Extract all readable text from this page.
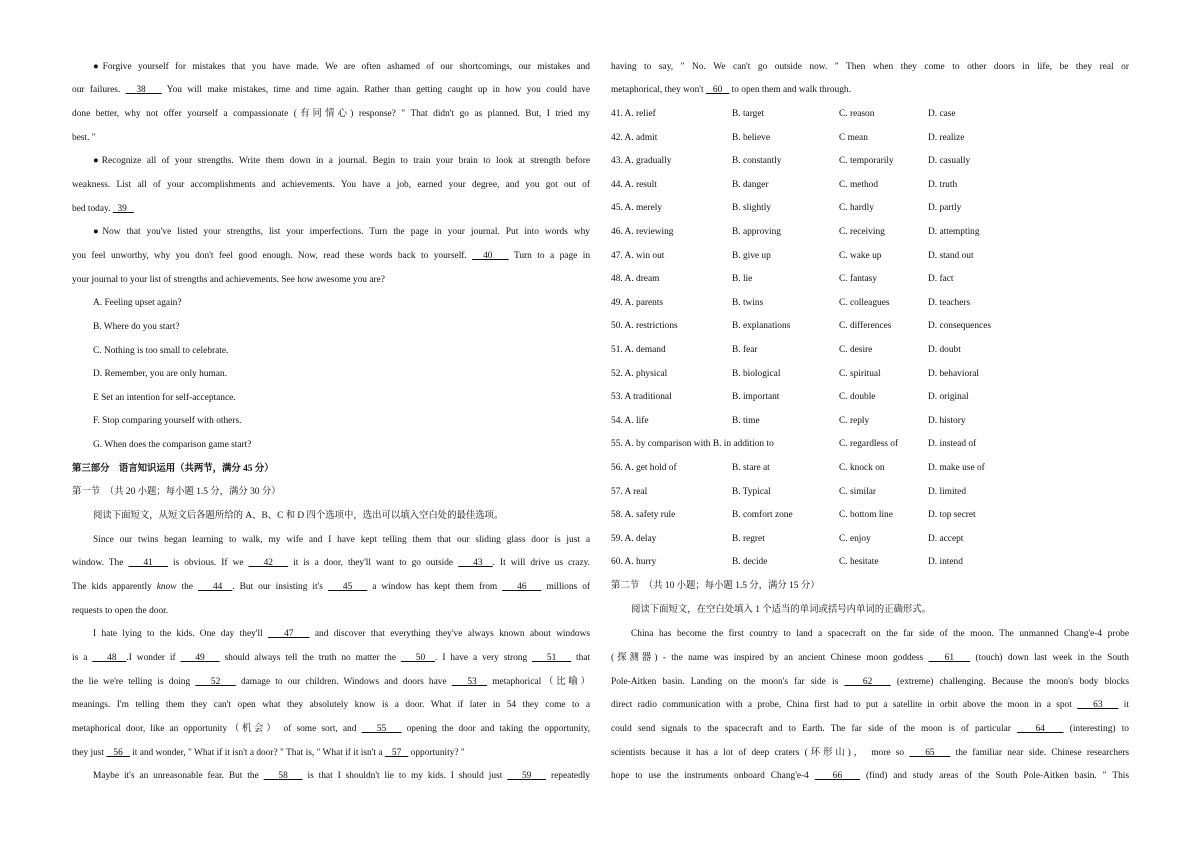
●Forgive yourself for mistakes that you have made. We are often ashamed of our shortcomings, our mistakes and
our failures.   38    You will make mistakes, time and time again. Rather than getting caught up in how you could have
done better, why not offer yourself a compassionate (有同情心) response? " That didn't go as planned. But, I tried my
best. "
●Recognize all of your strengths. Write them down in a journal. Begin to train your brain to look at strength before
weakness. List all of your accomplishments and achievements. You have a job, earned your degree, and you got out of
bed today.   39
●Now that you've listed your strengths, list your imperfections. Turn the page in your journal. Put into words why
you feel unworthy, why you don't feel good enough. Now, read these words back to yourself.   40    Turn to a page in
your journal to your list of strengths and achievements. See how awesome you are?
A. Feeling upset again?
B. Where do you start?
C. Nothing is too small to celebrate.
D. Remember, you are only human.
E Set an intention for self-acceptance.
F. Stop comparing yourself with others.
G. When does the comparison game start?
第三部分　语言知识运用（共两节，满分 45 分）
第一节　（共 20 小题；每小题 1.5 分，满分 30 分）
阅读下面短文，从短文后各题所给的 A、B、C 和 D 四个选项中，选出可以填入空白处的最佳选项。
Since our twins began learning to walk, my wife and I have kept telling them that our sliding glass door is just a
window. The    41    is obvious. If we    42    it is a door, they'll want to go outside    43 . It will drive us crazy.
The kids apparently know the    44 . But our insisting it's    45    a window has kept them from    46    millions of
requests to open the door.
I hate lying to the kids. One day they'll    47    and discover that everything they've always known about windows
is a    48 .I wonder if    49    should always tell the truth no matter the    50 . I have a very strong    51    that
the lie we're telling is doing    52    damage to our children. Windows and doors have    53   metaphorical（比喻）
meanings. I'm telling them they can't open what they absolutely know is a door. What if later in 54 they come to a
metaphorical door, like an opportunity（机会） of some sort, and    55    opening the door and taking the opportunity,
they just    56    it and wonder, " What if it isn't a door? " That is, " What if it isn't a    57    opportunity? "
Maybe it's an unreasonable fear. But the    58    is that I shouldn't lie to my kids. I should just    59    repeatedly
having to say, " No. We can't go outside now. " Then when they come to other doors in life, be they real or
metaphorical, they won't    60    to open them and walk through.
41. A. relief	B. target	C. reason	D. case
42. A. admit	B. believe	C mean	D. realize
43. A. gradually	B. constantly	C. temporarily	D. casually
44. A. result	B. danger	C. method	D. truth
45. A. merely	B. slightly	C. hardly	D. partly
46. A. reviewing	B. approving	C. receiving	D. attempting
47. A. win out	B. give up	C. wake up	D. stand out
48. A. dream	B. lie	C. fantasy	D. fact
49. A. parents	B. twins	C. colleagues	D. teachers
50. A. restrictions	B. explanations	C. differences	D. consequences
51. A. demand	B. fear	C. desire	D. doubt
52. A. physical	B. biological	C. spiritual	D. behavioral
53. A traditional	B. important	C. double	D. original
54. A. life	B. time	C. reply	D. history
55. A. by comparison with B. in addition to	C. regardless of	D. instead of
56. A. get hold of	B. stare at	C. knock on	D. make use of
57. A real	B. Typical	C. similar	D. limited
58. A. safety rule	B. comfort zone	C. bottom line	D. top secret
59. A. delay	B. regret	C. enjoy	D. accept
60. A. hurry	B. decide	C. hesitate	D. intend
第二节　（共 10 小题；每小题 1.5 分，满分 15 分）
阅读下面短文，在空白处填入 1 个适当的单词或括号内单词的正确形式。
China has become the first country to land a spacecraft on the far side of the moon. The unmanned Chang'e-4 probe
(探测器) - the name was inspired by an ancient Chinese moon goddess    61    (touch) down last week in the South
Pole-Aitken basin. Landing on the moon's far side is    62    (extreme) challenging. Because the moon's body blocks
direct radio communication with a probe, China first had to put a satellite in orbit above the moon in a spot    63    it
could send signals to the spacecraft and to Earth. The far side of the moon is of particular    64    (interesting) to
scientists because it has a lot of deep craters (环形山)， more so    65    the familiar near side. Chinese researchers
hope to use the instruments onboard Chang'e-4    66    (find) and study areas of the South Pole-Aitken basin. " This
